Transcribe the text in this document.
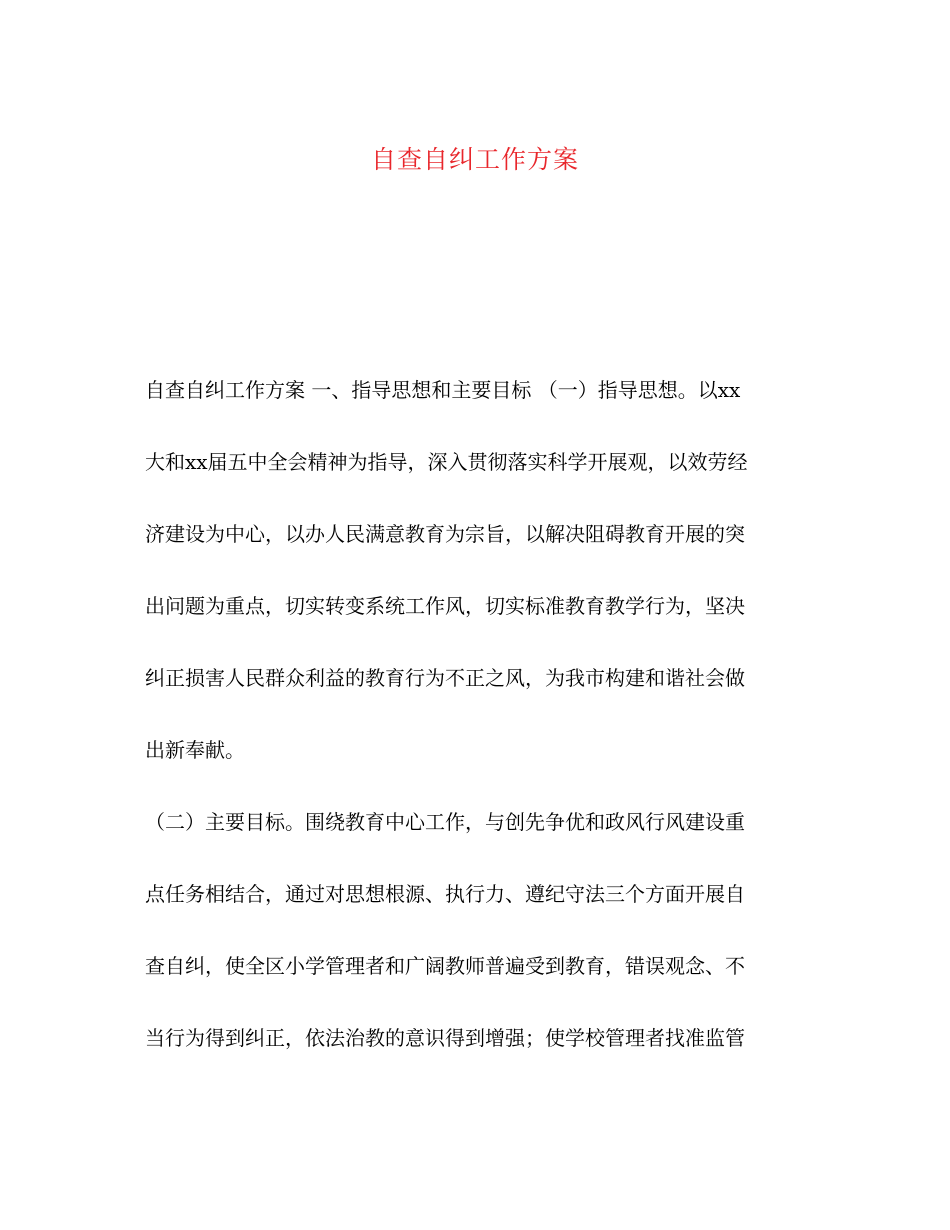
自查自纠工作方案
自查自纠工作方案 一、指导思想和主要目标 （一）指导思想。以xx
大和xx届五中全会精神为指导，深入贯彻落实科学开展观，以效劳经
济建设为中心，以办人民满意教育为宗旨，以解决阻碍教育开展的突
出问题为重点，切实转变系统工作风，切实标准教育教学行为，坚决
纠正损害人民群众利益的教育行为不正之风，为我市构建和谐社会做
出新奉献。
（二）主要目标。围绕教育中心工作，与创先争优和政风行风建设重
点任务相结合，通过对思想根源、执行力、遵纪守法三个方面开展自
查自纠，使全区小学管理者和广阔教师普遍受到教育，错误观念、不
当行为得到纠正，依法治教的意识得到增强；使学校管理者找准监管
